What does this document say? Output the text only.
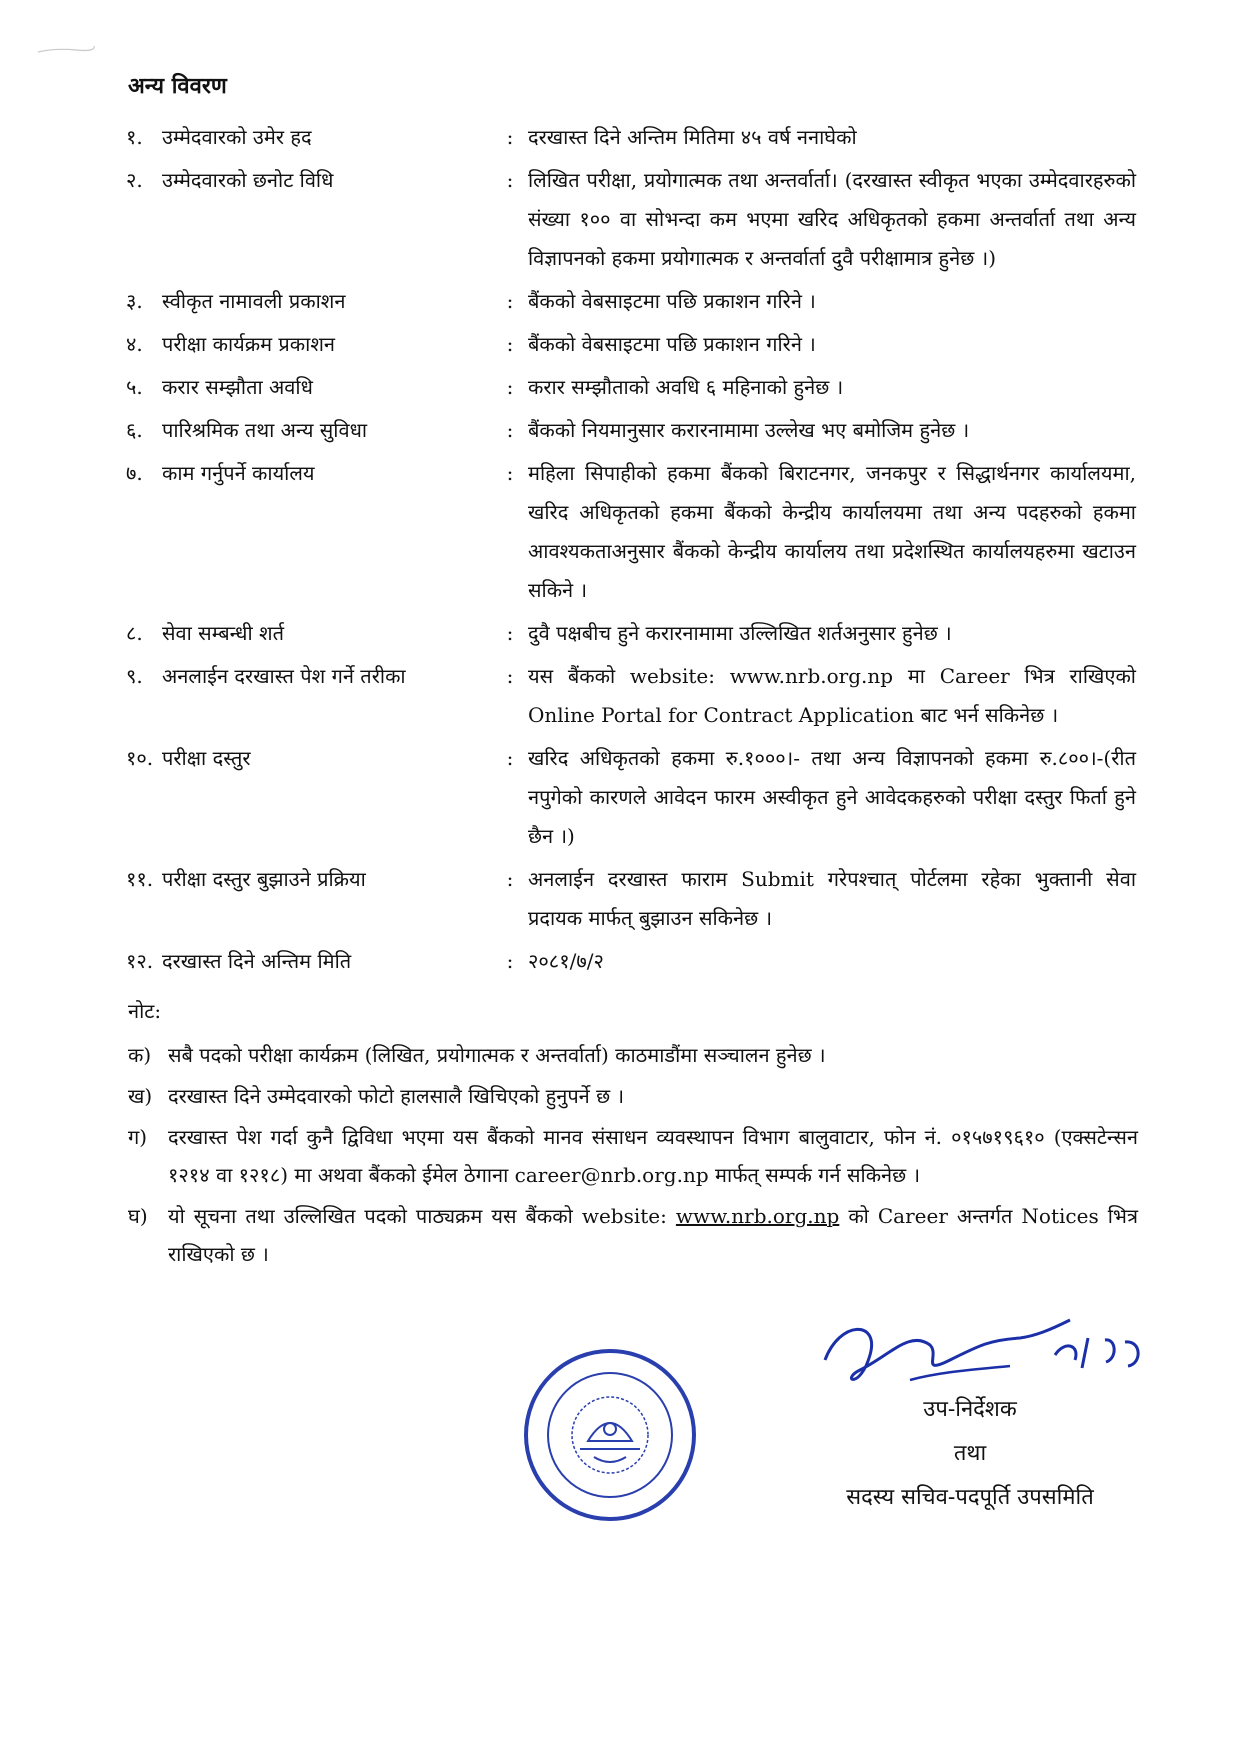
अन्य विवरण
१.	उम्मेदवारको उमेर हद	:	दरखास्त दिने अन्तिम मितिमा ४५ वर्ष ननाघेको
२.	उम्मेदवारको छनोट विधि	:	लिखित परीक्षा, प्रयोगात्मक तथा अन्तर्वार्ता। (दरखास्त स्वीकृत भएका उम्मेदवारहरुको संख्या १०० वा सोभन्दा कम भएमा खरिद अधिकृतको हकमा अन्तर्वार्ता तथा अन्य विज्ञापनको हकमा प्रयोगात्मक र अन्तर्वार्ता दुवै परीक्षामात्र हुनेछ ।)
३.	स्वीकृत नामावली प्रकाशन	:	बैंकको वेबसाइटमा पछि प्रकाशन गरिने ।
४.	परीक्षा कार्यक्रम प्रकाशन	:	बैंकको वेबसाइटमा पछि प्रकाशन गरिने ।
५.	करार सम्झौता अवधि	:	करार सम्झौताको अवधि ६ महिनाको हुनेछ ।
६.	पारिश्रमिक तथा अन्य सुविधा	:	बैंकको नियमानुसार करारनामामा उल्लेख भए बमोजिम हुनेछ ।
७.	काम गर्नुपर्ने कार्यालय	:	महिला सिपाहीको हकमा बैंकको बिराटनगर, जनकपुर र सिद्धार्थनगर कार्यालयमा, खरिद अधिकृतको हकमा बैंकको केन्द्रीय कार्यालयमा तथा अन्य पदहरुको हकमा आवश्यकताअनुसार बैंकको केन्द्रीय कार्यालय तथा प्रदेशस्थित कार्यालयहरुमा खटाउन सकिने ।
८.	सेवा सम्बन्धी शर्त	:	दुवै पक्षबीच हुने करारनामामा उल्लिखित शर्तअनुसार हुनेछ ।
९.	अनलाईन दरखास्त पेश गर्ने तरीका	:	यस बैंकको website: www.nrb.org.np मा Career भित्र राखिएको Online Portal for Contract Application बाट भर्न सकिनेछ ।
१०.	परीक्षा दस्तुर	:	खरिद अधिकृतको हकमा रु.१०००।- तथा अन्य विज्ञापनको हकमा रु.८००।-(रीत नपुगेको कारणले आवेदन फारम अस्वीकृत हुने आवेदकहरुको परीक्षा दस्तुर फिर्ता हुने छैन ।)
११.	परीक्षा दस्तुर बुझाउने प्रक्रिया	:	अनलाईन दरखास्त फाराम Submit गरेपश्चात् पोर्टलमा रहेका भुक्तानी सेवा प्रदायक मार्फत् बुझाउन सकिनेछ ।
१२.	दरखास्त दिने अन्तिम मिति	:	२०८१/७/२
नोट:
क) सबै पदको परीक्षा कार्यक्रम (लिखित, प्रयोगात्मक र अन्तर्वार्ता) काठमाडौंमा सञ्चालन हुनेछ ।
ख) दरखास्त दिने उम्मेदवारको फोटो हालसालै खिचिएको हुनुपर्ने छ ।
ग)	दरखास्त पेश गर्दा कुनै द्विविधा भएमा यस बैंकको मानव संसाधन व्यवस्थापन विभाग बालुवाटार, फोन नं. ०१५७१९६१० (एक्सटेन्सन १२१४ वा १२१८) मा अथवा बैंकको ईमेल ठेगाना career@nrb.org.np मार्फत् सम्पर्क गर्न सकिनेछ ।
घ)	यो सूचना तथा उल्लिखित पदको पाठ्यक्रम यस बैंकको website: www.nrb.org.np को Career अन्तर्गत Notices भित्र राखिएको छ ।
उप-निर्देशक
तथा
सदस्य सचिव-पदपूर्ति उपसमिति
